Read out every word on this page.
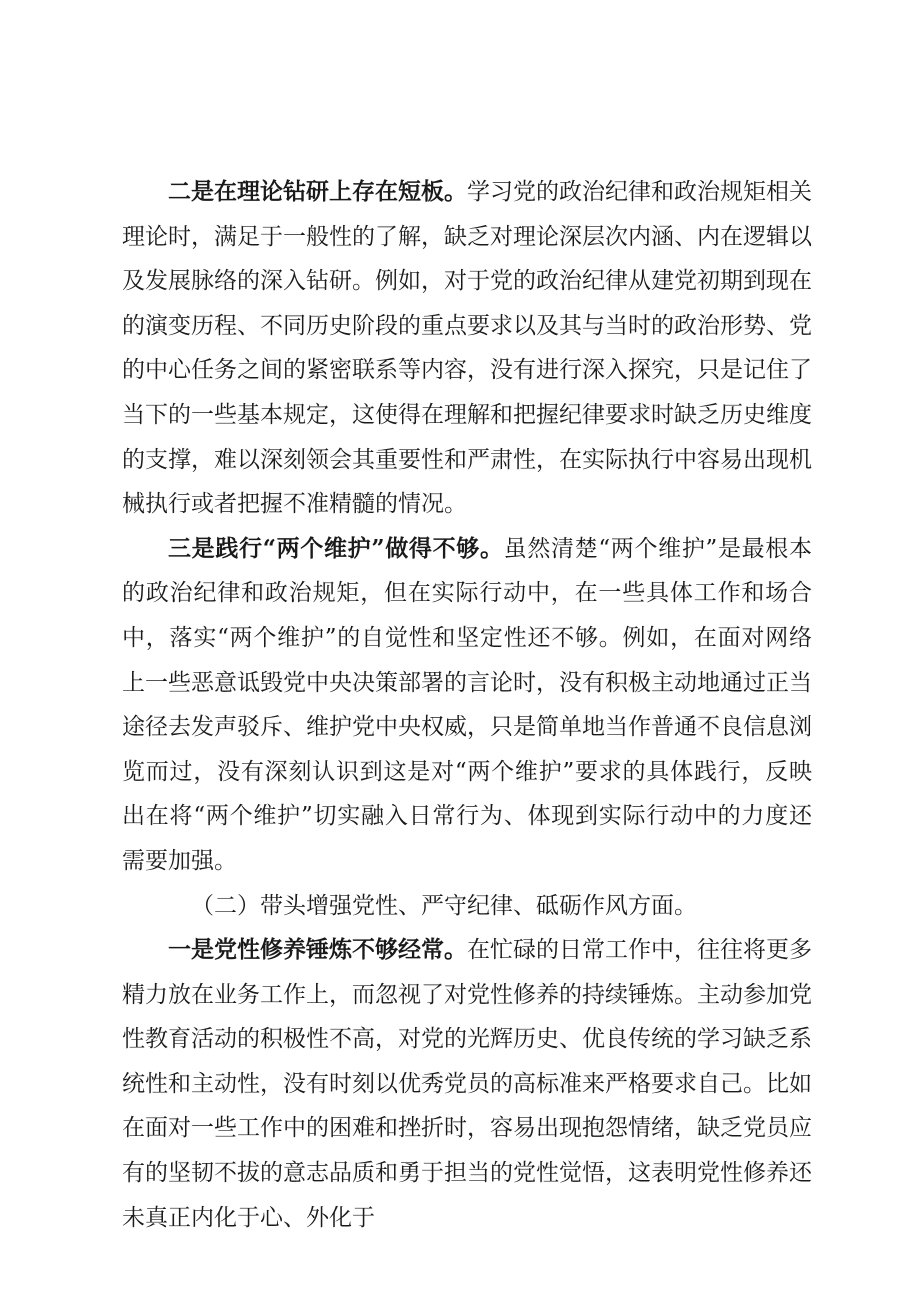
二是在理论钻研上存在短板。学习党的政治纪律和政治规矩相关理论时，满足于一般性的了解，缺乏对理论深层次内涵、内在逻辑以及发展脉络的深入钻研。例如，对于党的政治纪律从建党初期到现在的演变历程、不同历史阶段的重点要求以及其与当时的政治形势、党的中心任务之间的紧密联系等内容，没有进行深入探究，只是记住了当下的一些基本规定，这使得在理解和把握纪律要求时缺乏历史维度的支撑，难以深刻领会其重要性和严肃性，在实际执行中容易出现机械执行或者把握不准精髓的情况。

三是践行“两个维护”做得不够。虽然清楚“两个维护”是最根本的政治纪律和政治规矩，但在实际行动中，在一些具体工作和场合中，落实“两个维护”的自觉性和坚定性还不够。例如，在面对网络上一些恶意诋毁党中央决策部署的言论时，没有积极主动地通过正当途径去发声驳斥、维护党中央权威，只是简单地当作普通不良信息浏览而过，没有深刻认识到这是对“两个维护”要求的具体践行，反映出在将“两个维护”切实融入日常行为、体现到实际行动中的力度还需要加强。

（二）带头增强党性、严守纪律、砥砺作风方面。

一是党性修养锤炼不够经常。在忙碌的日常工作中，往往将更多精力放在业务工作上，而忽视了对党性修养的持续锤炼。主动参加党性教育活动的积极性不高，对党的光辉历史、优良传统的学习缺乏系统性和主动性，没有时刻以优秀党员的高标准来严格要求自己。比如在面对一些工作中的困难和挫折时，容易出现抱怨情绪，缺乏党员应有的坚韧不拔的意志品质和勇于担当的党性觉悟，这表明党性修养还未真正内化于心、外化于
